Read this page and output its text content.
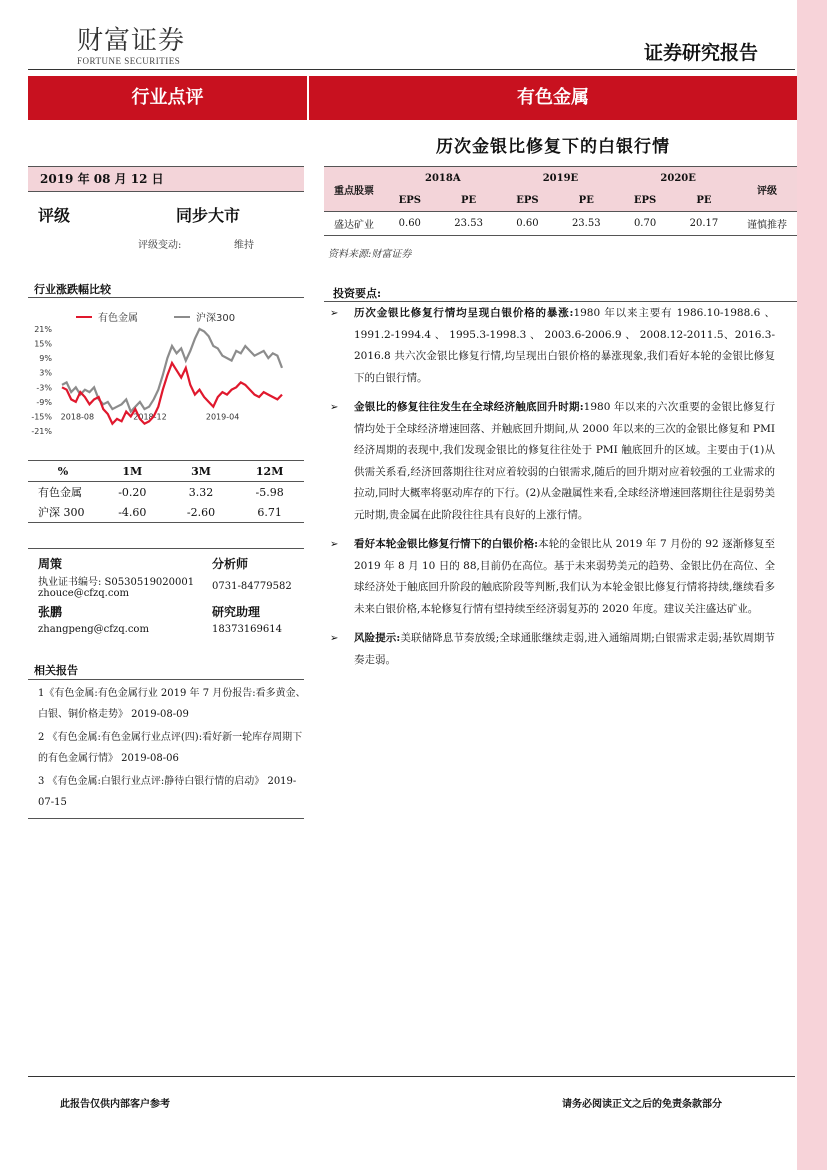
财富证券
FORTUNE SECURITIES	证券研究报告
行业点评	有色金属
历次金银比修复下的白银行情
2019 年 08 月 12 日
评级	同步大市
评级变动:	维持
重点股票	2018A		2019E		2020E		评级
	EPS	PE	EPS	PE	EPS	PE	
盛达矿业	0.60	23.53	0.60	23.53	0.70	20.17	谨慎推荐
资料来源:财富证券
行业涨跌幅比较
有色金属	沪深300
21%
15%
9%
3%
-3%
-9%
-15%
-21%
2018-08	2018-12	2019-04
%	1M	3M	12M
有色金属	-0.20	3.32	-5.98
沪深 300	-4.60	-2.60	6.71
周策	分析师
执业证书编号: S0530519020001 0731-84779582
zhouce@cfzq.com
张鹏	研究助理
zhangpeng@cfzq.com	18373169614
相关报告
1《有色金属:有色金属行业 2019 年 7 月份报告:看多黄金、白银、铜价格走势》 2019-08-09
2 《有色金属:有色金属行业点评(四):看好新一轮库存周期下的有色金属行情》 2019-08-06
3 《有色金属:白银行业点评:静待白银行情的启动》 2019-07-15
投资要点:
➢ 历次金银比修复行情均呈现白银价格的暴涨:1980 年以来主要有 1986.10-1988.6 、 1991.2-1994.4 、 1995.3-1998.3 、 2003.6-2006.9 、 2008.12-2011.5、2016.3-2016.8 共六次金银比修复行情,均呈现出白银价格的暴涨现象,我们看好本轮的金银比修复下的白银行情。
➢ 金银比的修复往往发生在全球经济触底回升时期:1980 年以来的六次重要的金银比修复行情均处于全球经济增速回落、并触底回升期间,从 2000 年以来的三次的金银比修复和 PMI 经济周期的表现中,我们发现金银比的修复往往处于 PMI 触底回升的区域。主要由于(1)从供需关系看,经济回落期往往对应着较弱的白银需求,随后的回升期对应着较强的工业需求的拉动,同时大概率将驱动库存的下行。(2)从金融属性来看,全球经济增速回落期往往是弱势美元时期,贵金属在此阶段往往具有良好的上涨行情。
➢ 看好本轮金银比修复行情下的白银价格:本轮的金银比从 2019 年 7 月份的 92 逐渐修复至 2019 年 8 月 10 日的 88,目前仍在高位。基于未来弱势美元的趋势、金银比仍在高位、全球经济处于触底回升阶段的触底阶段等判断,我们认为本轮金银比修复行情将持续,继续看多未来白银价格,本轮修复行情有望持续至经济弱复苏的 2020 年度。建议关注盛达矿业。
➢ 风险提示:美联储降息节奏放缓;全球通胀继续走弱,进入通缩周期;白银需求走弱;基钦周期节奏走弱。
此报告仅供内部客户参考	请务必阅读正文之后的免责条款部分
